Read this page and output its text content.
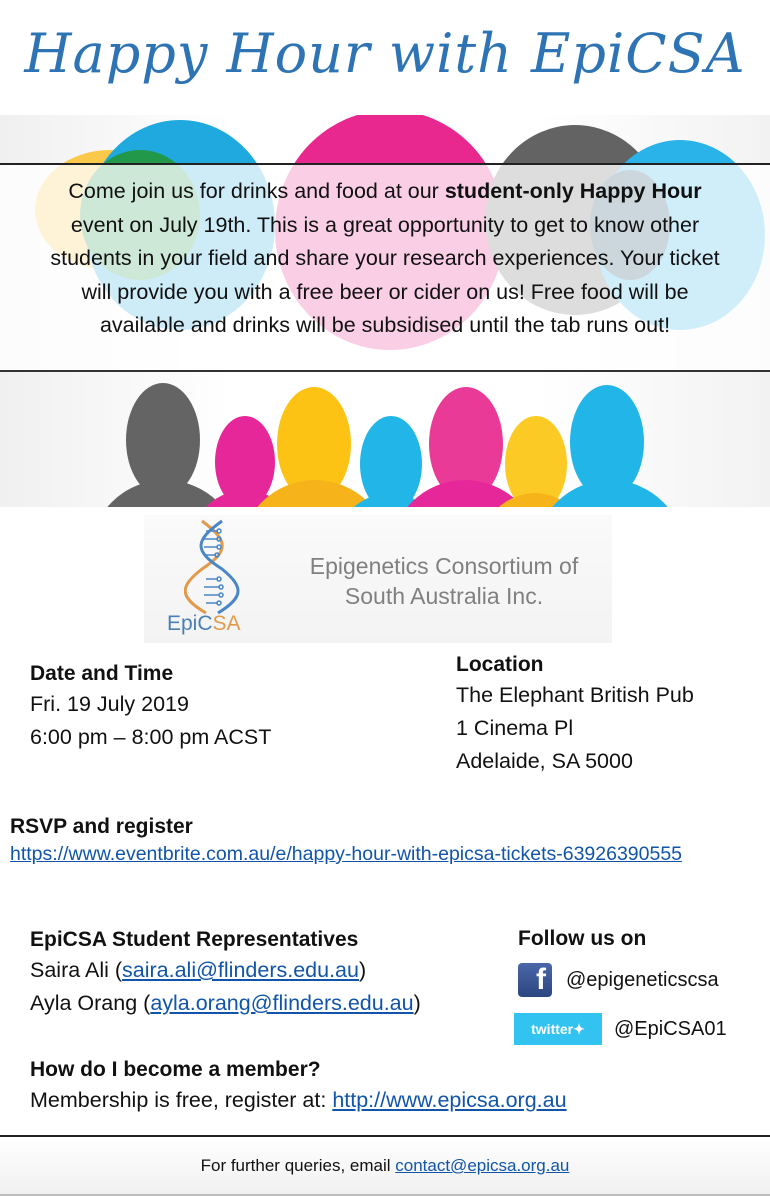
Happy Hour with EpiCSA
Come join us for drinks and food at our student-only Happy Hour event on July 19th. This is a great opportunity to get to know other students in your field and share your research experiences. Your ticket will provide you with a free beer or cider on us! Free food will be available and drinks will be subsidised until the tab runs out!
EpiCSA
Epigenetics Consortium of
South Australia Inc.
Date and Time
Fri. 19 July 2019
6:00 pm – 8:00 pm ACST
Location
The Elephant British Pub
1 Cinema Pl
Adelaide, SA 5000
RSVP and register
https://www.eventbrite.com.au/e/happy-hour-with-epicsa-tickets-63926390555
EpiCSA Student Representatives
Saira Ali (saira.ali@flinders.edu.au)
Ayla Orang (ayla.orang@flinders.edu.au)
Follow us on
f	@epigeneticscsa
twitter ✦	@EpiCSA01
How do I become a member?
Membership is free, register at: http://www.epicsa.org.au
For further queries, email contact@epicsa.org.au
